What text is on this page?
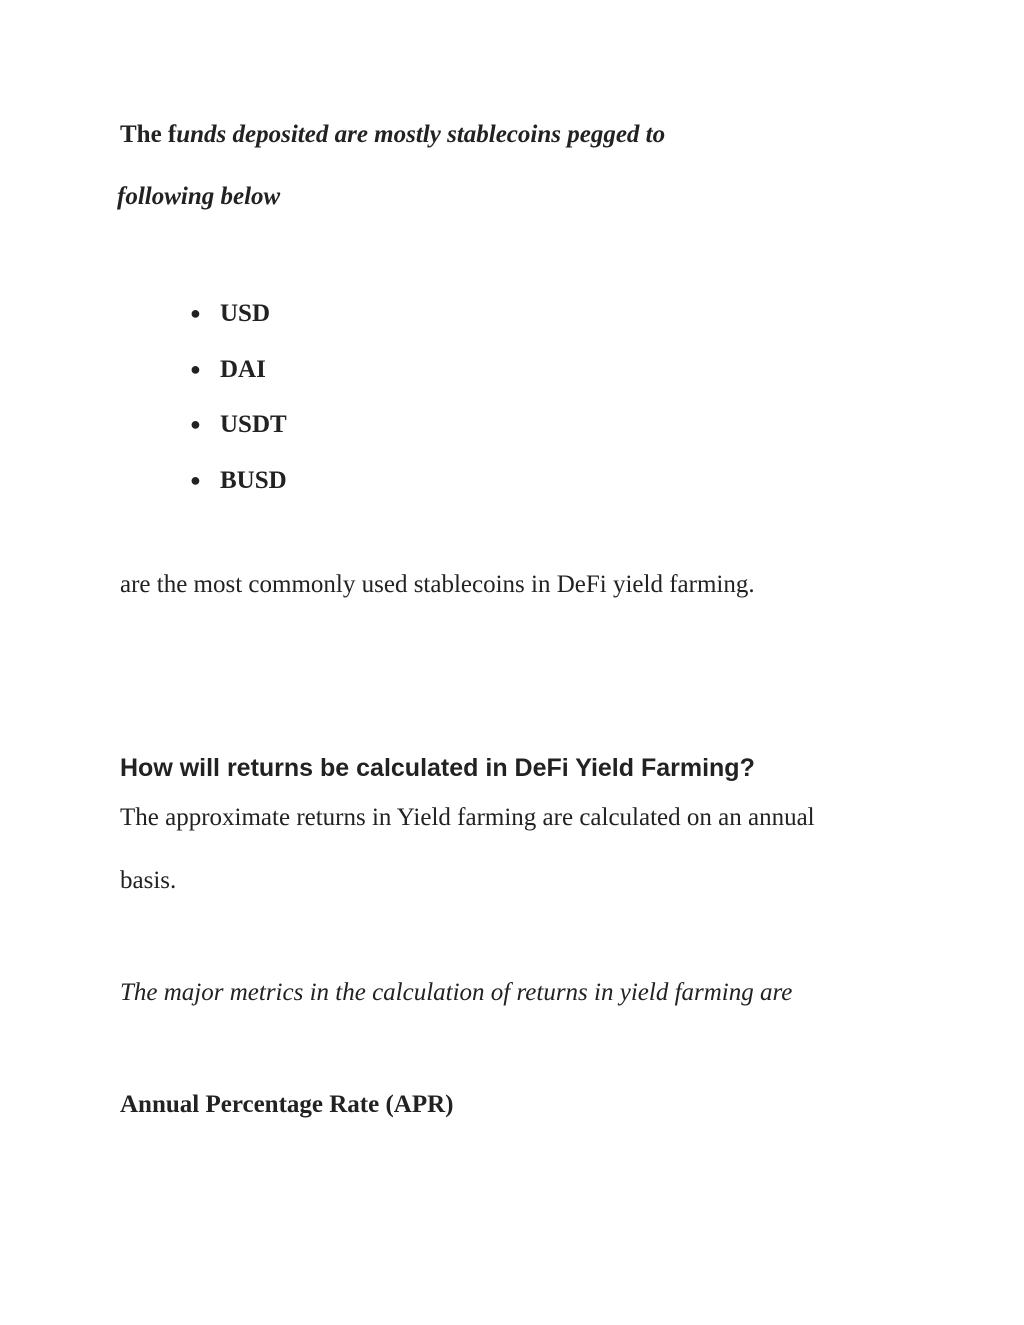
The funds deposited are mostly stablecoins pegged to

following below

● USD
● DAI
● USDT
● BUSD

are the most commonly used stablecoins in DeFi yield farming.

How will returns be calculated in DeFi Yield Farming?

The approximate returns in Yield farming are calculated on an annual

basis.

The major metrics in the calculation of returns in yield farming are

Annual Percentage Rate (APR)
